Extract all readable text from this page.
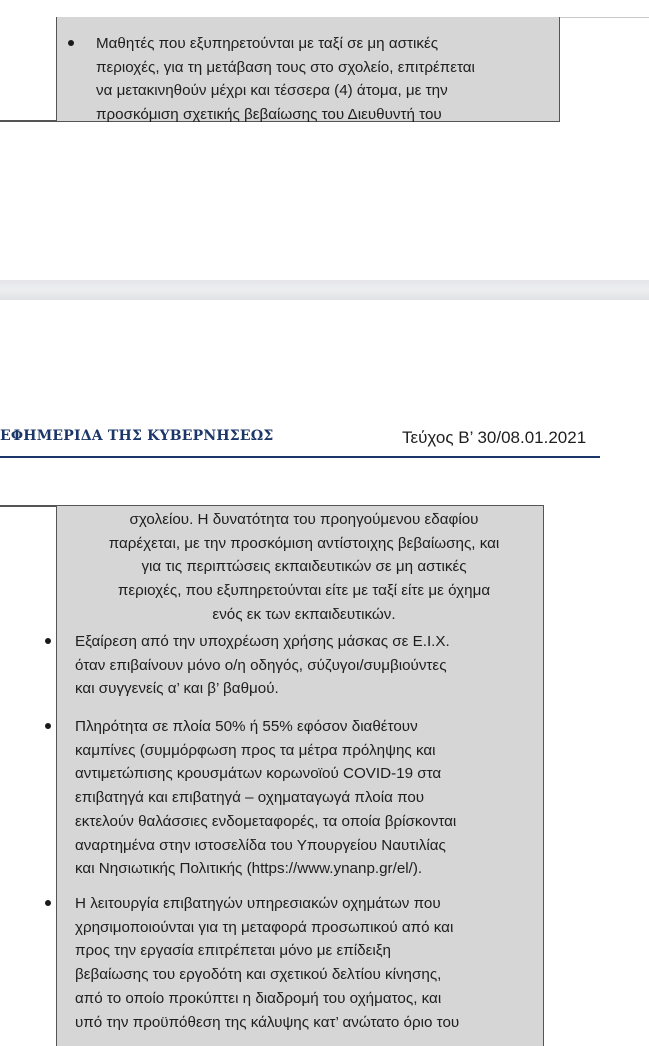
Μαθητές που εξυπηρετούνται με ταξί σε μη αστικές
περιοχές, για τη μετάβαση τους στο σχολείο, επιτρέπεται
να μετακινηθούν μέχρι και τέσσερα (4) άτομα, με την
προσκόμιση σχετικής βεβαίωσης του Διευθυντή του
ΕΦΗΜΕΡΙΔΑ ΤΗΣ ΚΥΒΕΡΝΗΣΕΩΣ	Τεύχος Β’ 30/08.01.2021
σχολείου. Η δυνατότητα του προηγούμενου εδαφίου
παρέχεται, με την προσκόμιση αντίστοιχης βεβαίωσης, και
για τις περιπτώσεις εκπαιδευτικών σε μη αστικές
περιοχές, που εξυπηρετούνται είτε με ταξί είτε με όχημα
ενός εκ των εκπαιδευτικών.
Εξαίρεση από την υποχρέωση χρήσης μάσκας σε Ε.Ι.Χ.
όταν επιβαίνουν μόνο ο/η οδηγός, σύζυγοι/συμβιούντες
και συγγενείς α’ και β’ βαθμού.
Πληρότητα σε πλοία 50% ή 55% εφόσον διαθέτουν
καμπίνες (συμμόρφωση προς τα μέτρα πρόληψης και
αντιμετώπισης κρουσμάτων κορωνοϊού COVID-19 στα
επιβατηγά και επιβατηγά – οχηματαγωγά πλοία που
εκτελούν θαλάσσιες ενδομεταφορές, τα οποία βρίσκονται
αναρτημένα στην ιστοσελίδα του Υπουργείου Ναυτιλίας
και Νησιωτικής Πολιτικής (https://www.ynanp.gr/el/).
Η λειτουργία επιβατηγών υπηρεσιακών οχημάτων που
χρησιμοποιούνται για τη μεταφορά προσωπικού από και
προς την εργασία επιτρέπεται μόνο με επίδειξη
βεβαίωσης του εργοδότη και σχετικού δελτίου κίνησης,
από το οποίο προκύπτει η διαδρομή του οχήματος, και
υπό την προϋπόθεση της κάλυψης κατ’ ανώτατο όριο του
